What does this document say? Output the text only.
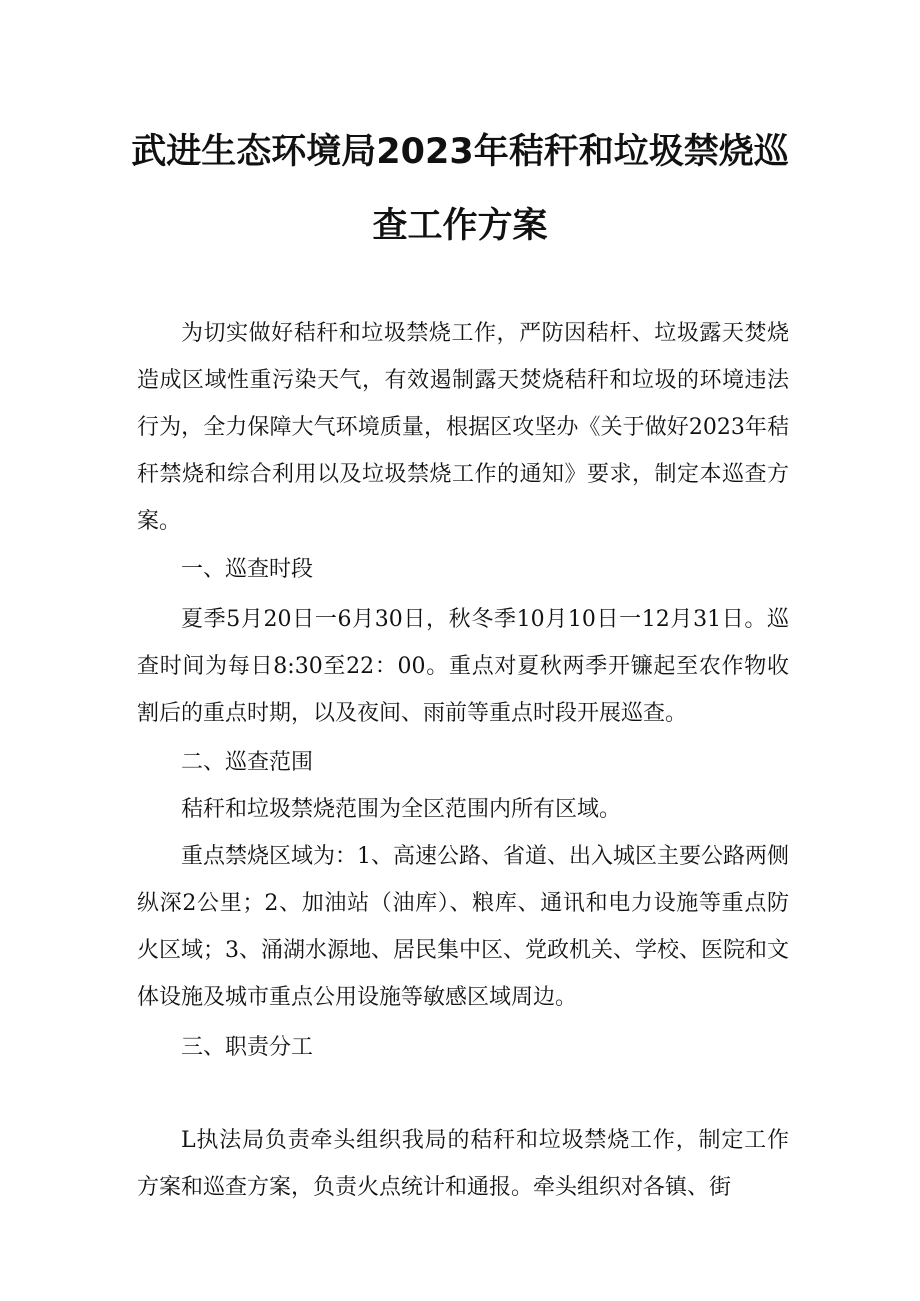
武进生态环境局2023年秸秆和垃圾禁烧巡
查工作方案

为切实做好秸秆和垃圾禁烧工作，严防因秸杆、垃圾露天焚烧造成区域性重污染天气，有效遏制露天焚烧秸秆和垃圾的环境违法行为，全力保障大气环境质量，根据区攻坚办《关于做好2023年秸秆禁烧和综合利用以及垃圾禁烧工作的通知》要求，制定本巡查方案。

一、巡查时段

夏季5月20日一6月30日，秋冬季10月10日一12月31日。巡查时间为每日8:30至22：00。重点对夏秋两季开镰起至农作物收割后的重点时期，以及夜间、雨前等重点时段开展巡查。

二、巡查范围

秸秆和垃圾禁烧范围为全区范围内所有区域。

重点禁烧区域为：1、高速公路、省道、出入城区主要公路两侧纵深2公里；2、加油站（油库）、粮库、通讯和电力设施等重点防火区域；3、涌湖水源地、居民集中区、党政机关、学校、医院和文体设施及城市重点公用设施等敏感区域周边。

三、职责分工

L执法局负责牵头组织我局的秸秆和垃圾禁烧工作，制定工作方案和巡查方案，负责火点统计和通报。牵头组织对各镇、街
